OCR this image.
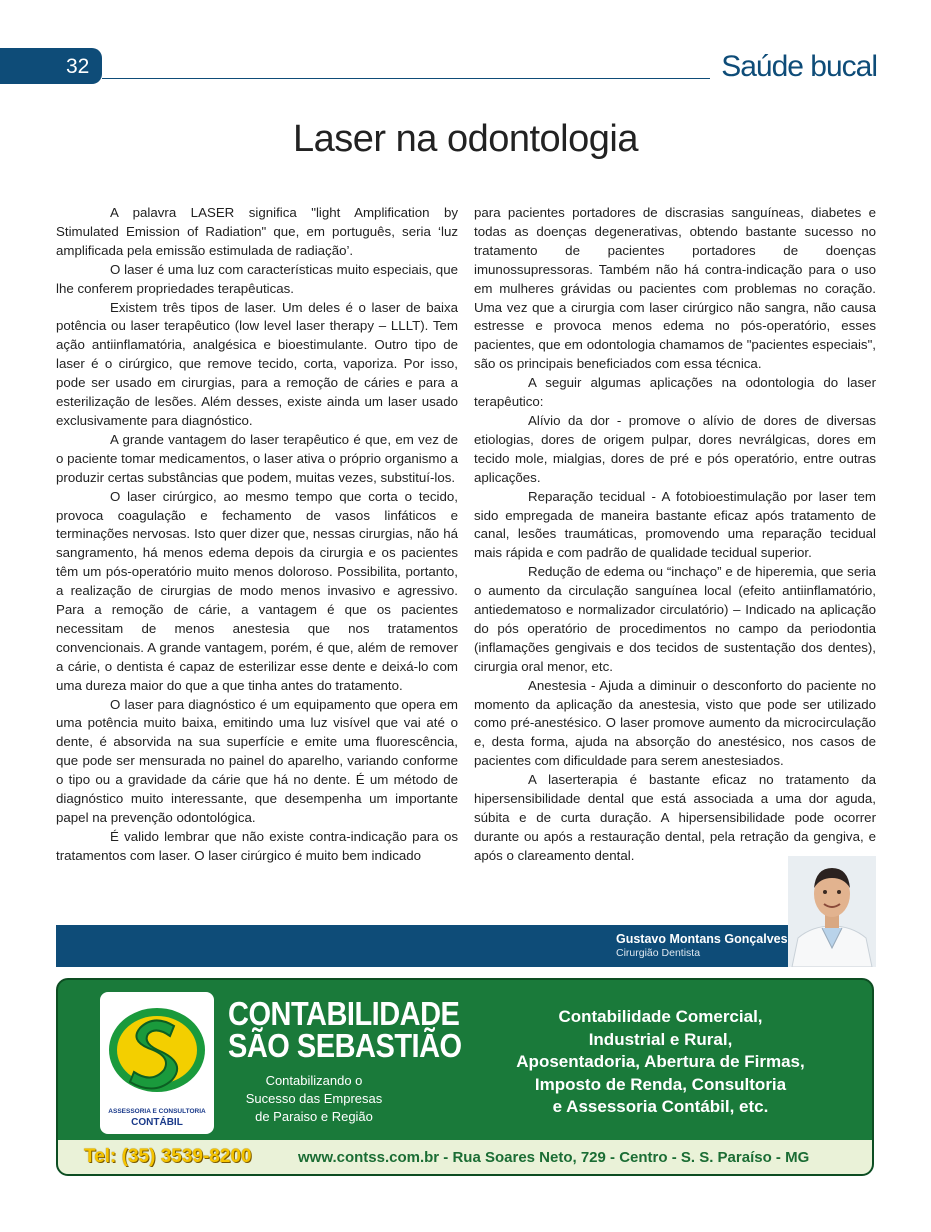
32	Saúde bucal
Laser na odontologia

A palavra LASER significa "light Amplification by Stimulated Emission of Radiation" que, em português, seria ‘luz amplificada pela emissão estimulada de radiação’.

O laser é uma luz com características muito especiais, que lhe conferem propriedades terapêuticas.

Existem três tipos de laser. Um deles é o laser de baixa potência ou laser terapêutico (low level laser therapy – LLLT). Tem ação antiinflamatória, analgésica e bioestimulante. Outro tipo de laser é o cirúrgico, que remove tecido, corta, vaporiza. Por isso, pode ser usado em cirurgias, para a remoção de cáries e para a esterilização de lesões. Além desses, existe ainda um laser usado exclusivamente para diagnóstico.

A grande vantagem do laser terapêutico é que, em vez de o paciente tomar medicamentos, o laser ativa o próprio organismo a produzir certas substâncias que podem, muitas vezes, substituí-los.

O laser cirúrgico, ao mesmo tempo que corta o tecido, provoca coagulação e fechamento de vasos linfáticos e terminações nervosas. Isto quer dizer que, nessas cirurgias, não há sangramento, há menos edema depois da cirurgia e os pacientes têm um pós-operatório muito menos doloroso. Possibilita, portanto, a realização de cirurgias de modo menos invasivo e agressivo. Para a remoção de cárie, a vantagem é que os pacientes necessitam de menos anestesia que nos tratamentos convencionais. A grande vantagem, porém, é que, além de remover a cárie, o dentista é capaz de esterilizar esse dente e deixá-lo com uma dureza maior do que a que tinha antes do tratamento.

O laser para diagnóstico é um equipamento que opera em uma potência muito baixa, emitindo uma luz visível que vai até o dente, é absorvida na sua superfície e emite uma fluorescência, que pode ser mensurada no painel do aparelho, variando conforme o tipo ou a gravidade da cárie que há no dente. É um método de diagnóstico muito interessante, que desempenha um importante papel na prevenção odontológica.

É valido lembrar que não existe contra-indicação para os tratamentos com laser. O laser cirúrgico é muito bem indicado

para pacientes portadores de discrasias sanguíneas, diabetes e todas as doenças degenerativas, obtendo bastante sucesso no tratamento de pacientes portadores de doenças imunossupressoras. Também não há contra-indicação para o uso em mulheres grávidas ou pacientes com problemas no coração. Uma vez que a cirurgia com laser cirúrgico não sangra, não causa estresse e provoca menos edema no pós-operatório, esses pacientes, que em odontologia chamamos de "pacientes especiais", são os principais beneficiados com essa técnica.

A seguir algumas aplicações na odontologia do laser terapêutico:

Alívio da dor - promove o alívio de dores de diversas etiologias, dores de origem pulpar, dores nevrálgicas, dores em tecido mole, mialgias, dores de pré e pós operatório, entre outras aplicações.

Reparação tecidual - A fotobioestimulação por laser tem sido empregada de maneira bastante eficaz após tratamento de canal, lesões traumáticas, promovendo uma reparação tecidual mais rápida e com padrão de qualidade tecidual superior.

Redução de edema ou “inchaço” e de hiperemia, que seria o aumento da circulação sanguínea local (efeito antiinflamatório, antiedematoso e normalizador circulatório) – Indicado na aplicação do pós operatório de procedimentos no campo da periodontia (inflamações gengivais e dos tecidos de sustentação dos dentes), cirurgia oral menor, etc.

Anestesia - Ajuda a diminuir o desconforto do paciente no momento da aplicação da anestesia, visto que pode ser utilizado como pré-anestésico. O laser promove aumento da microcirculação e, desta forma, ajuda na absorção do anestésico, nos casos de pacientes com dificuldade para serem anestesiados.

A laserterapia é bastante eficaz no tratamento da hipersensibilidade dental que está associada a uma dor aguda, súbita e de curta duração. A hipersensibilidade pode ocorrer durante ou após a restauração dental, pela retração da gengiva, e após o clareamento dental.

Gustavo Montans Gonçalves
Cirurgião Dentista
ASSESSORIA E CONSULTORIA
CONTÁBIL
CONTABILIDADE
SÃO SEBASTIÃO
Contabilizando o Sucesso das Empresas de Paraiso e Região
Contabilidade Comercial,
Industrial e Rural,
Aposentadoria, Abertura de Firmas,
Imposto de Renda, Consultoria
e Assessoria Contábil, etc.
Tel: (35) 3539-8200	www.contss.com.br - Rua Soares Neto, 729 - Centro - S. S. Paraíso - MG
